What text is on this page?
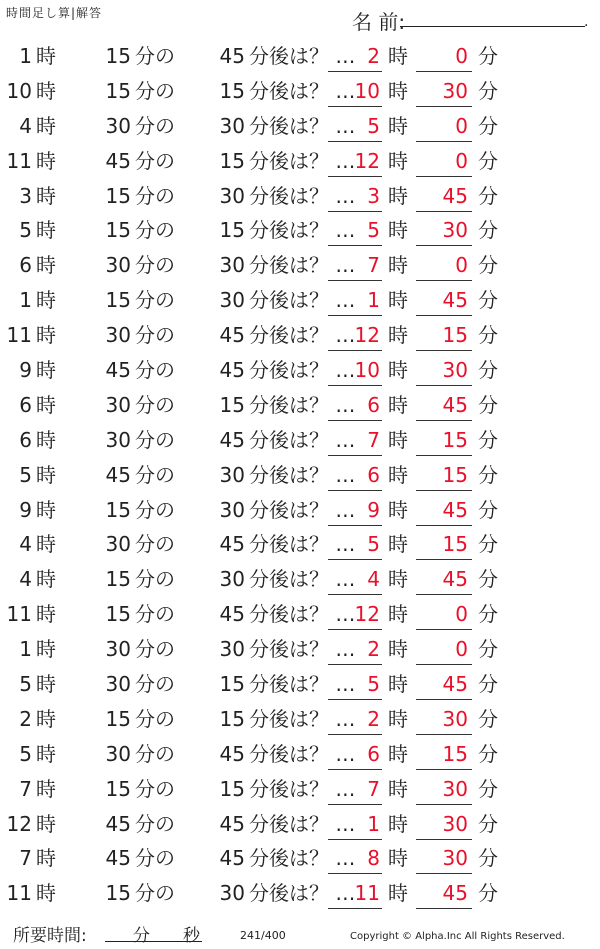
時間足し算|解答	名 前:	.
1 時 15 分の 45 分後は？ … 2 時 0 分
10 時 15 分の 15 分後は？ … 10 時 30 分
4 時 30 分の 30 分後は？ … 5 時 0 分
11 時 45 分の 15 分後は？ … 12 時 0 分
3 時 15 分の 30 分後は？ … 3 時 45 分
5 時 15 分の 15 分後は？ … 5 時 30 分
6 時 30 分の 30 分後は？ … 7 時 0 分
1 時 15 分の 30 分後は？ … 1 時 45 分
11 時 30 分の 45 分後は？ … 12 時 15 分
9 時 45 分の 45 分後は？ … 10 時 30 分
6 時 30 分の 15 分後は？ … 6 時 45 分
6 時 30 分の 45 分後は？ … 7 時 15 分
5 時 45 分の 30 分後は？ … 6 時 15 分
9 時 15 分の 30 分後は？ … 9 時 45 分
4 時 30 分の 45 分後は？ … 5 時 15 分
4 時 15 分の 30 分後は？ … 4 時 45 分
11 時 15 分の 45 分後は？ … 12 時 0 分
1 時 30 分の 30 分後は？ … 2 時 0 分
5 時 30 分の 15 分後は？ … 5 時 45 分
2 時 15 分の 15 分後は？ … 2 時 30 分
5 時 30 分の 45 分後は？ … 6 時 15 分
7 時 15 分の 15 分後は？ … 7 時 30 分
12 時 45 分の 45 分後は？ … 1 時 30 分
7 時 45 分の 45 分後は？ … 8 時 30 分
11 時 15 分の 30 分後は？ … 11 時 45 分
所要時間:	分 秒	241/400	Copyright © Alpha.Inc All Rights Reserved.
